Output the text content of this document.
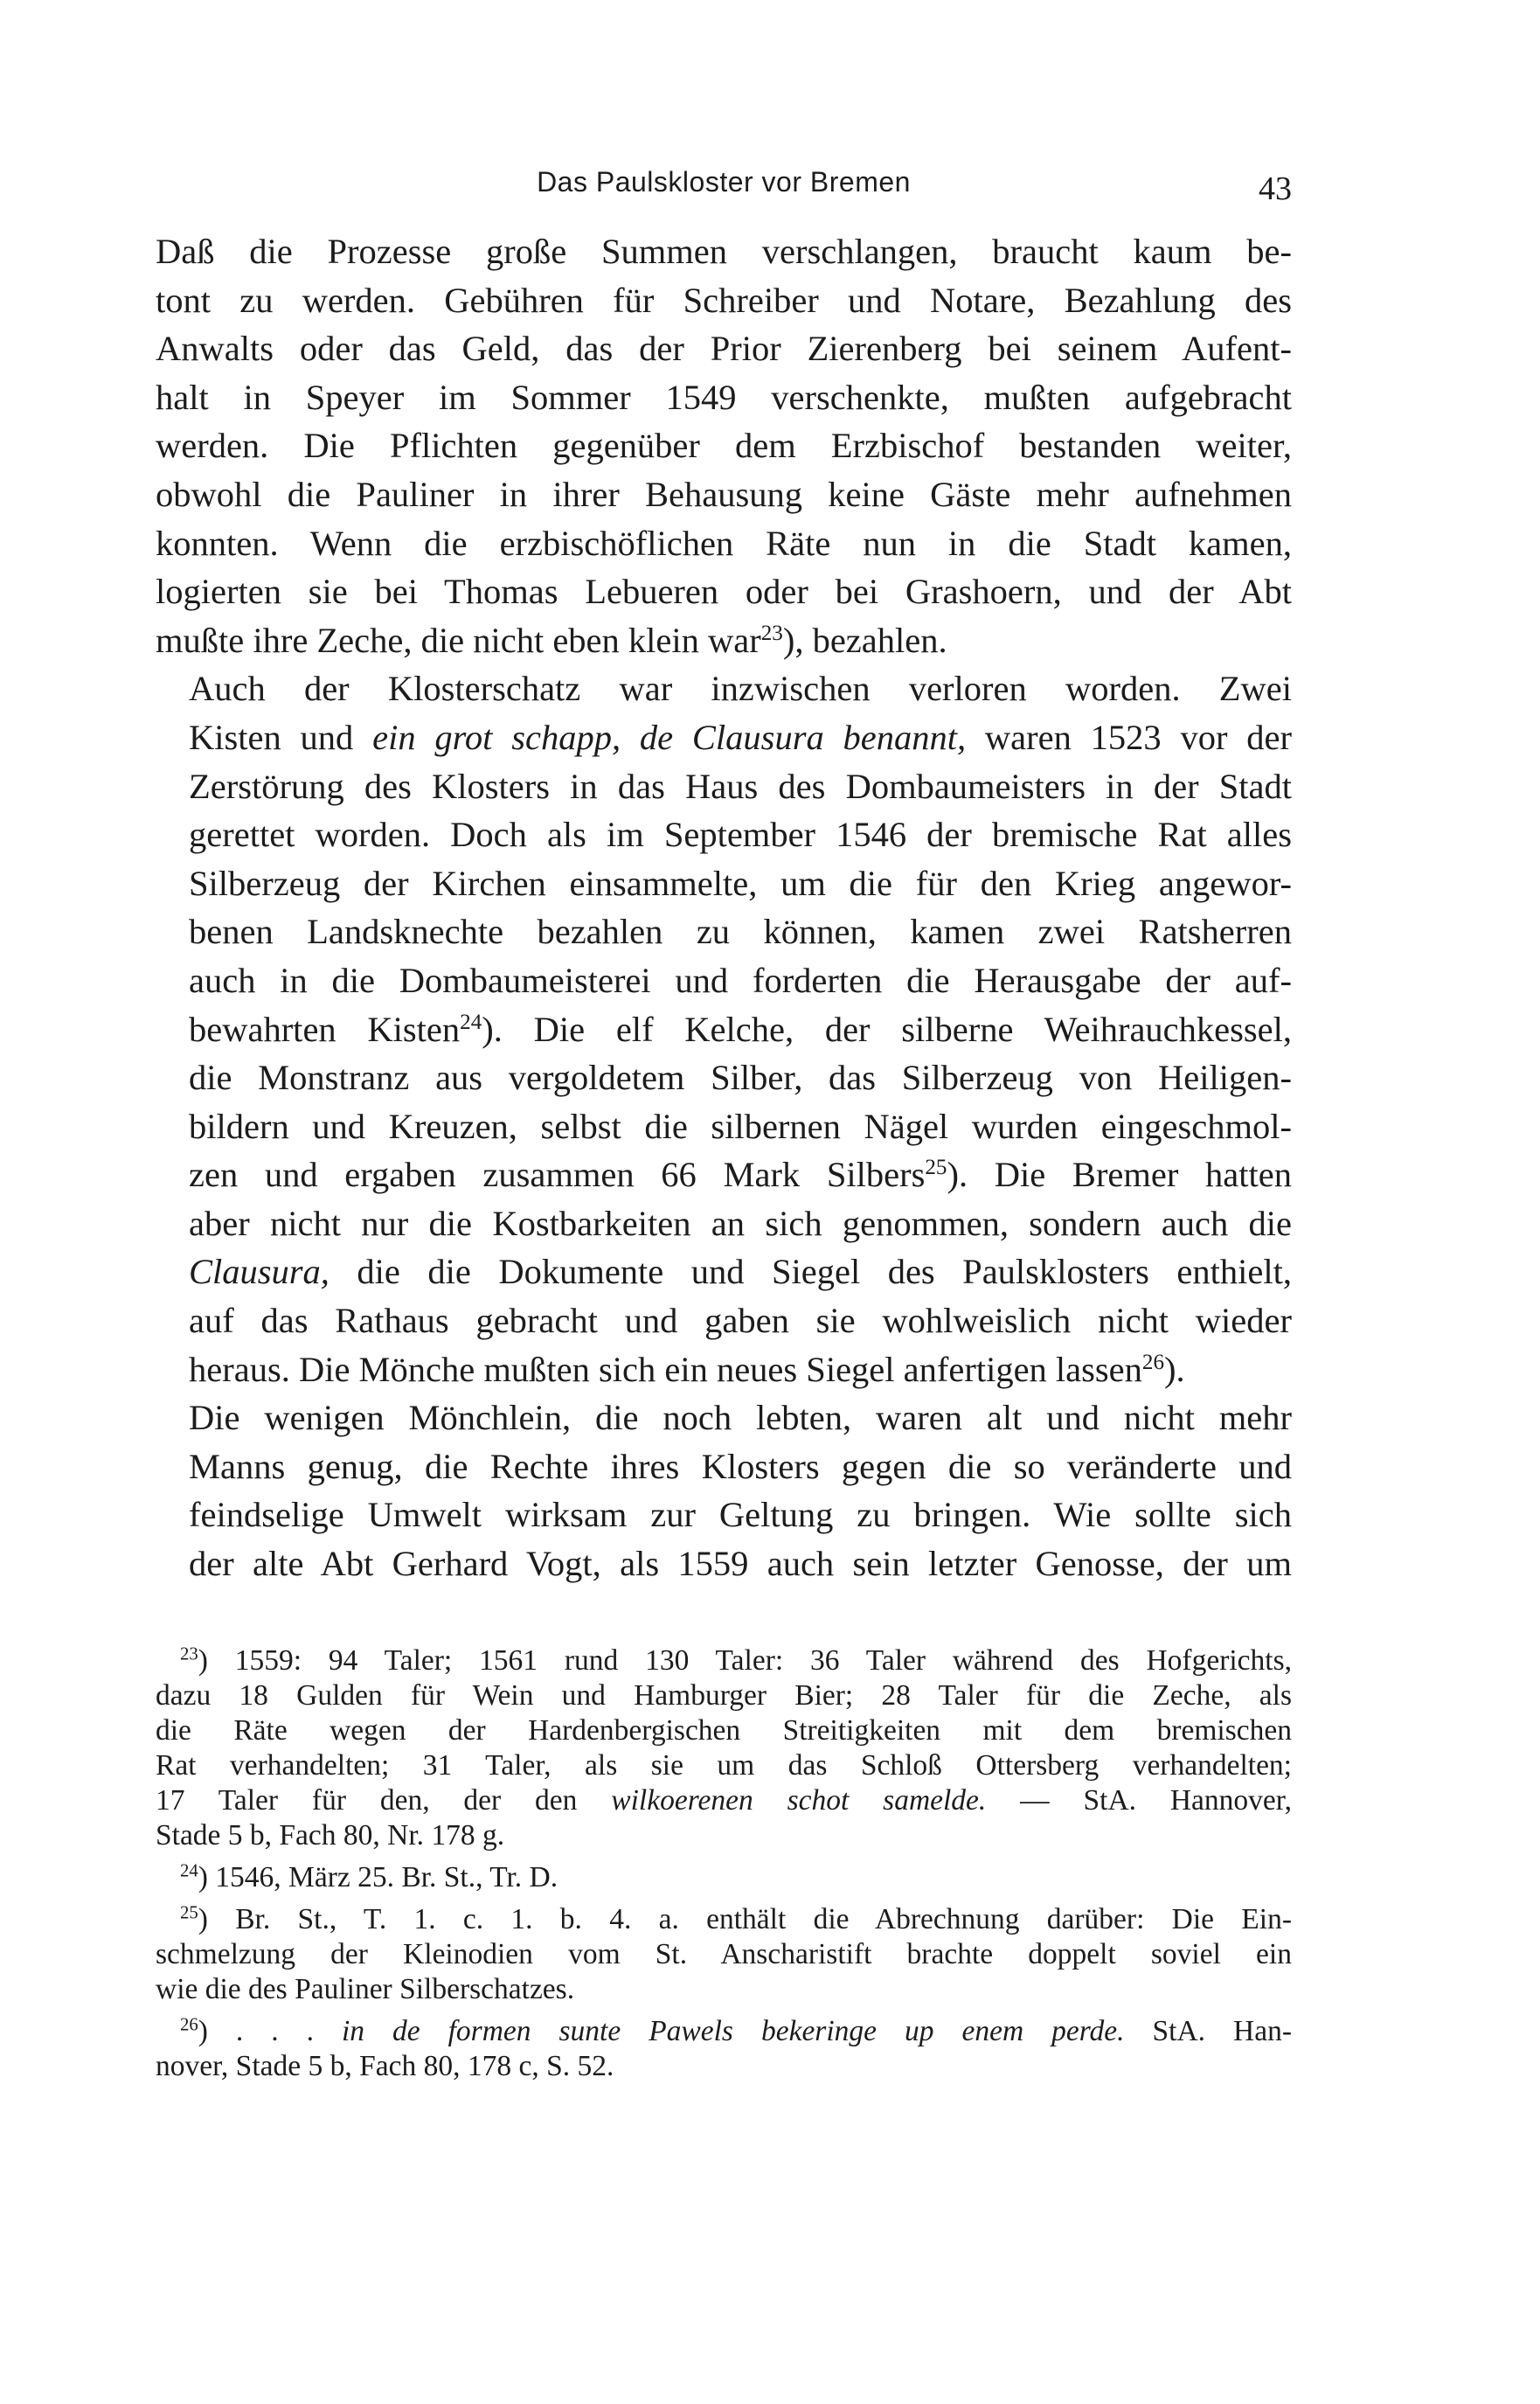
Das Paulskloster vor Bremen	43

Daß die Prozesse große Summen verschlangen, braucht kaum be-
tont zu werden. Gebühren für Schreiber und Notare, Bezahlung des
Anwalts oder das Geld, das der Prior Zierenberg bei seinem Aufent-
halt in Speyer im Sommer 1549 verschenkte, mußten aufgebracht
werden. Die Pflichten gegenüber dem Erzbischof bestanden weiter,
obwohl die Pauliner in ihrer Behausung keine Gäste mehr aufnehmen
konnten. Wenn die erzbischöflichen Räte nun in die Stadt kamen,
logierten sie bei Thomas Lebueren oder bei Grashoern, und der Abt
mußte ihre Zeche, die nicht eben klein war$^{23}$), bezahlen.

Auch der Klosterschatz war inzwischen verloren worden. Zwei
Kisten und ein grot schapp, de Clausura benannt, waren 1523 vor der
Zerstörung des Klosters in das Haus des Dombaumeisters in der Stadt
gerettet worden. Doch als im September 1546 der bremische Rat alles
Silberzeug der Kirchen einsammelte, um die für den Krieg angewor-
benen Landsknechte bezahlen zu können, kamen zwei Ratsherren
auch in die Dombaumeisterei und forderten die Herausgabe der auf-
bewahrten Kisten$^{24}$). Die elf Kelche, der silberne Weihrauchkessel,
die Monstranz aus vergoldetem Silber, das Silberzeug von Heiligen-
bildern und Kreuzen, selbst die silbernen Nägel wurden eingeschmol-
zen und ergaben zusammen 66 Mark Silbers$^{25}$). Die Bremer hatten
aber nicht nur die Kostbarkeiten an sich genommen, sondern auch die
Clausura, die die Dokumente und Siegel des Paulsklosters enthielt,
auf das Rathaus gebracht und gaben sie wohlweislich nicht wieder
heraus. Die Mönche mußten sich ein neues Siegel anfertigen lassen$^{26}$).

Die wenigen Mönchlein, die noch lebten, waren alt und nicht mehr
Manns genug, die Rechte ihres Klosters gegen die so veränderte und
feindselige Umwelt wirksam zur Geltung zu bringen. Wie sollte sich
der alte Abt Gerhard Vogt, als 1559 auch sein letzter Genosse, der um

$^{23}$) 1559: 94 Taler; 1561 rund 130 Taler: 36 Taler während des Hofgerichts,
dazu 18 Gulden für Wein und Hamburger Bier; 28 Taler für die Zeche, als
die Räte wegen der Hardenbergischen Streitigkeiten mit dem bremischen
Rat verhandelten; 31 Taler, als sie um das Schloß Ottersberg verhandelten;
17 Taler für den, der den wilkoerenen schot samelde. — StA. Hannover,
Stade 5 b, Fach 80, Nr. 178 g.
$^{24}$) 1546, März 25. Br. St., Tr. D.
$^{25}$) Br. St., T. 1. c. 1. b. 4. a. enthält die Abrechnung darüber: Die Ein-
schmelzung der Kleinodien vom St. Anscharistift brachte doppelt soviel ein
wie die des Pauliner Silberschatzes.
$^{26}$) . . . in de formen sunte Pawels bekeringe up enem perde. StA. Han-
nover, Stade 5 b, Fach 80, 178 c, S. 52.
